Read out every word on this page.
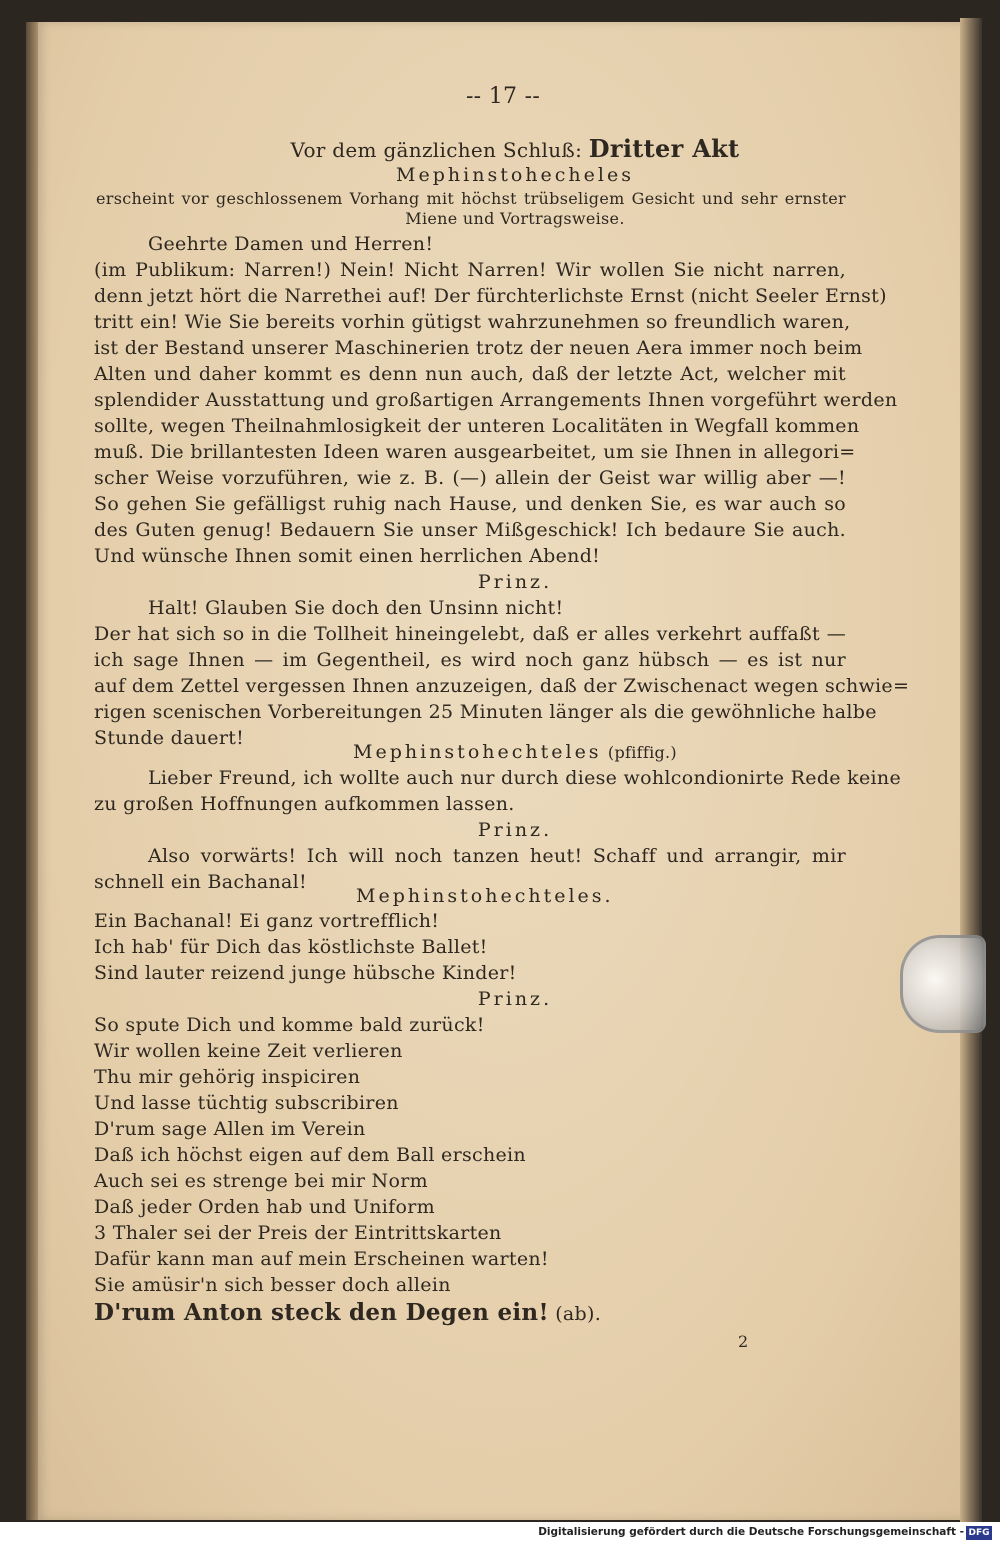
-- 17 --
Vor dem gänzlichen Schluß: Dritter Akt
Mephinstohecheles
erscheint vor geschlossenem Vorhang mit höchst trübseligem Gesicht und sehr ernster
Miene und Vortragsweise.
Geehrte Damen und Herren!
(im Publikum: Narren!) Nein! Nicht Narren! Wir wollen Sie nicht narren,
denn jetzt hört die Narrethei auf! Der fürchterlichste Ernst (nicht Seeler Ernst)
tritt ein! Wie Sie bereits vorhin gütigst wahrzunehmen so freundlich waren,
ist der Bestand unserer Maschinerien trotz der neuen Aera immer noch beim
Alten und daher kommt es denn nun auch, daß der letzte Act, welcher mit
splendider Ausstattung und großartigen Arrangements Ihnen vorgeführt werden
sollte, wegen Theilnahmlosigkeit der unteren Localitäten in Wegfall kommen
muß. Die brillantesten Ideen waren ausgearbeitet, um sie Ihnen in allegori=
scher Weise vorzuführen, wie z. B. (—) allein der Geist war willig aber —!
So gehen Sie gefälligst ruhig nach Hause, und denken Sie, es war auch so
des Guten genug! Bedauern Sie unser Mißgeschick! Ich bedaure Sie auch.
Und wünsche Ihnen somit einen herrlichen Abend!
Prinz.
Halt! Glauben Sie doch den Unsinn nicht!
Der hat sich so in die Tollheit hineingelebt, daß er alles verkehrt auffaßt —
ich sage Ihnen — im Gegentheil, es wird noch ganz hübsch — es ist nur
auf dem Zettel vergessen Ihnen anzuzeigen, daß der Zwischenact wegen schwie=
rigen scenischen Vorbereitungen 25 Minuten länger als die gewöhnliche halbe
Stunde dauert!
Mephinstohechteles (pfiffig.)
Lieber Freund, ich wollte auch nur durch diese wohlcondionirte Rede keine
zu großen Hoffnungen aufkommen lassen.
Prinz.
Also vorwärts! Ich will noch tanzen heut! Schaff und arrangir, mir
schnell ein Bachanal!
Mephinstohechteles.
Ein Bachanal! Ei ganz vortrefflich!
Ich hab' für Dich das köstlichste Ballet!
Sind lauter reizend junge hübsche Kinder!
Prinz.
So spute Dich und komme bald zurück!
Wir wollen keine Zeit verlieren
Thu mir gehörig inspiciren
Und lasse tüchtig subscribiren
D'rum sage Allen im Verein
Daß ich höchst eigen auf dem Ball erschein
Auch sei es strenge bei mir Norm
Daß jeder Orden hab und Uniform
3 Thaler sei der Preis der Eintrittskarten
Dafür kann man auf mein Erscheinen warten!
Sie amüsir'n sich besser doch allein
D'rum Anton steck den Degen ein! (ab).
2
Digitalisierung gefördert durch die Deutsche Forschungsgemeinschaft - DFG
